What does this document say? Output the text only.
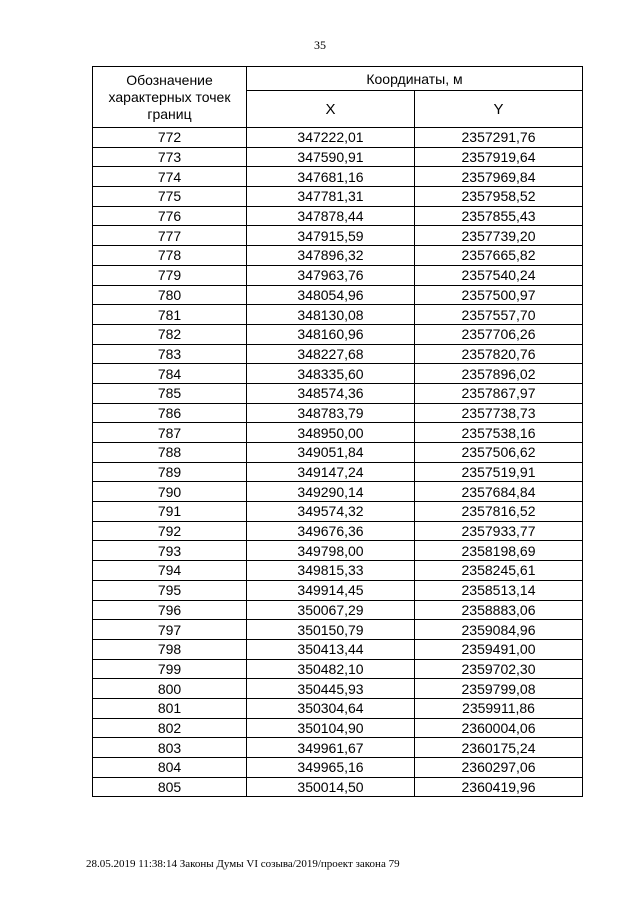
35
Обозначение характерных точек границ	Координаты, м	
	X	Y
772	347222,01	2357291,76
773	347590,91	2357919,64
774	347681,16	2357969,84
775	347781,31	2357958,52
776	347878,44	2357855,43
777	347915,59	2357739,20
778	347896,32	2357665,82
779	347963,76	2357540,24
780	348054,96	2357500,97
781	348130,08	2357557,70
782	348160,96	2357706,26
783	348227,68	2357820,76
784	348335,60	2357896,02
785	348574,36	2357867,97
786	348783,79	2357738,73
787	348950,00	2357538,16
788	349051,84	2357506,62
789	349147,24	2357519,91
790	349290,14	2357684,84
791	349574,32	2357816,52
792	349676,36	2357933,77
793	349798,00	2358198,69
794	349815,33	2358245,61
795	349914,45	2358513,14
796	350067,29	2358883,06
797	350150,79	2359084,96
798	350413,44	2359491,00
799	350482,10	2359702,30
800	350445,93	2359799,08
801	350304,64	2359911,86
802	350104,90	2360004,06
803	349961,67	2360175,24
804	349965,16	2360297,06
805	350014,50	2360419,96
28.05.2019 11:38:14 Законы Думы VI созыва/2019/проект закона 79
